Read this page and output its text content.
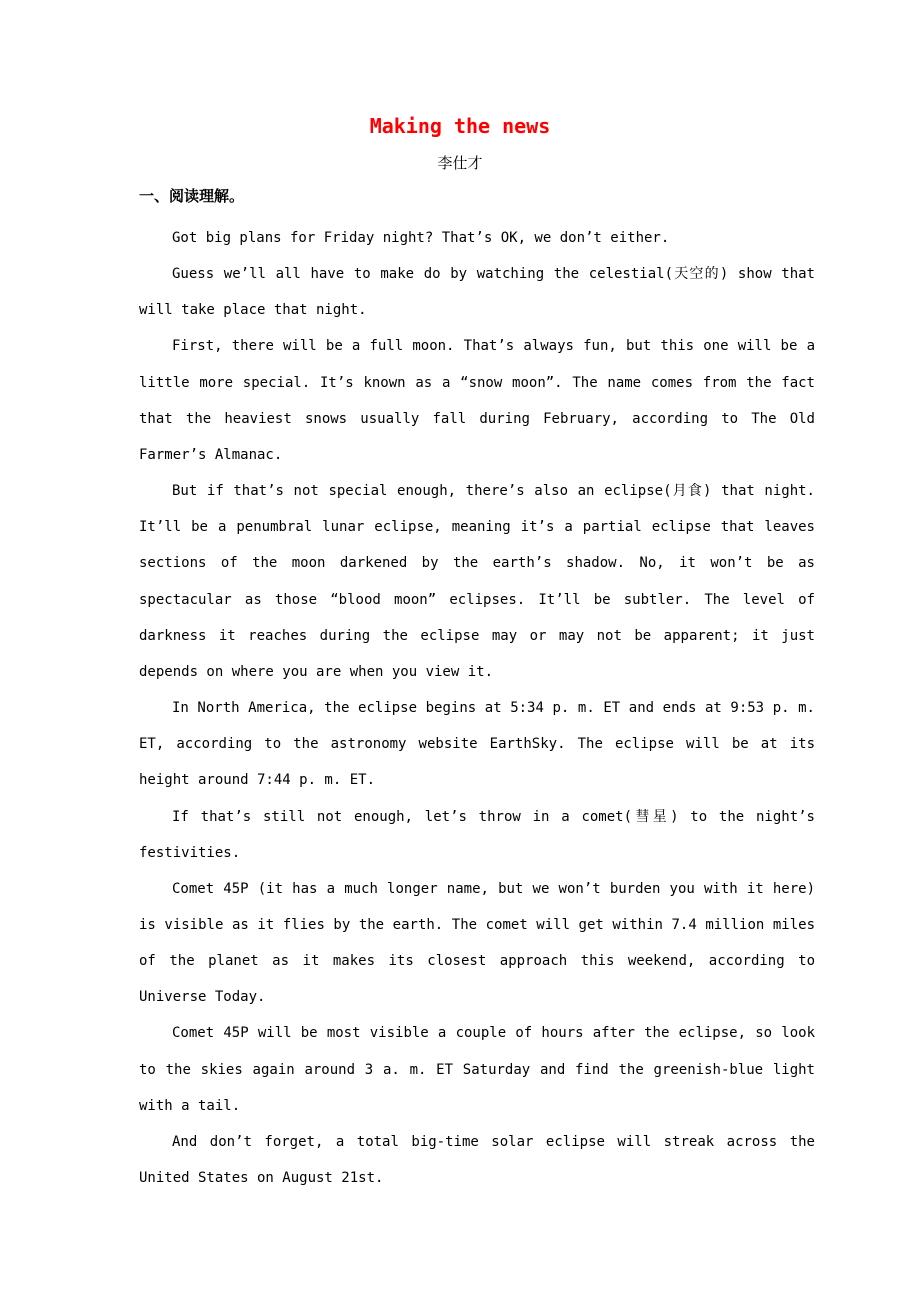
Making the news
李仕才
一、阅读理解。

Got big plans for Friday night? That’s OK, we don’t either.

Guess we’ll all have to make do by watching the celestial(天空的) show that will take place that night.

First, there will be a full moon. That’s always fun, but this one will be a little more special. It’s known as a “snow moon”. The name comes from the fact that the heaviest snows usually fall during February, according to The Old Farmer’s Almanac.

But if that’s not special enough, there’s also an eclipse(月食) that night. It’ll be a penumbral lunar eclipse, meaning it’s a partial eclipse that leaves sections of the moon darkened by the earth’s shadow. No, it won’t be as spectacular as those “blood moon” eclipses. It’ll be subtler. The level of darkness it reaches during the eclipse may or may not be apparent; it just depends on where you are when you view it.

In North America, the eclipse begins at 5:34 p. m. ET and ends at 9:53 p. m. ET, according to the astronomy website EarthSky. The eclipse will be at its height around 7:44 p. m. ET.

If that’s still not enough, let’s throw in a comet(彗星) to the night’s festivities.

Comet 45P (it has a much longer name, but we won’t burden you with it here) is visible as it flies by the earth. The comet will get within 7.4 million miles of the planet as it makes its closest approach this weekend, according to Universe Today.

Comet 45P will be most visible a couple of hours after the eclipse, so look to the skies again around 3 a. m. ET Saturday and find the greenish-blue light with a tail.

And don’t forget, a total big-time solar eclipse will streak across the United States on August 21st.
